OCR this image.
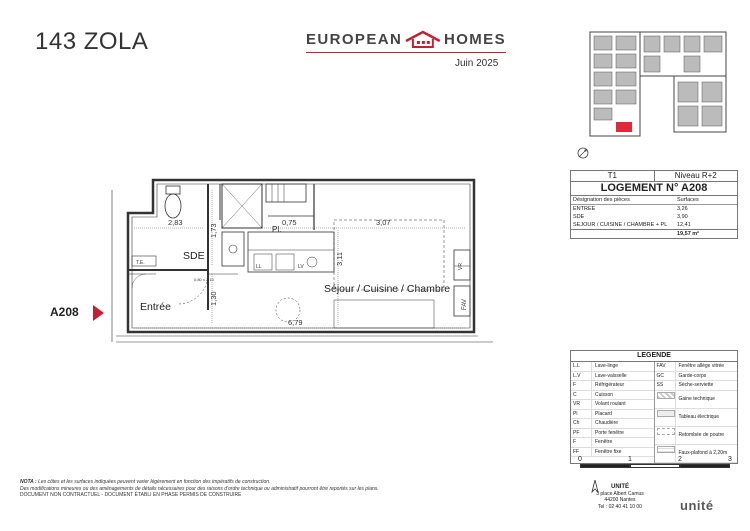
143 ZOLA	EUROPEAN	HOMES
Juin 2025
A208
SDE
Entrée
Séjour / Cuisine / Chambre
Pl.
2,83	0,75	3,07
6,79
1,73
1,30
3,11
0,80 x 2,10
T.E.
LL	LV	VR
FAV
T1	Niveau R+2
LOGEMENT N° A208
Désignation des pièces	Surfaces
ENTREE	3,26
SDE	3,90
SEJOUR / CUISINE / CHAMBRE + PL	12,41
	19,57 m²
LEGENDE
L.L	Lave-linge
L.V	Lave-vaisselle
F	Réfrigérateur
C	Cuisson
VR	Volant roulant
Pl	Placard
Ch	Chaudière
PF	Porte fenêtre
F	Fenêtre
FF	Fenêtre fixe
FAV	Fenêtre allège vitrée
GC	Garde-corps
SS	Sèche-serviette
Gaine technique
Tableau électrique
Retombée de poutre
Faux-plafond à 2,20m
0	1	2	3
NOTA : Les côtes et les surfaces indiquées peuvent varier légèrement en fonction des impératifs de construction.
Des modifications mineures ou des aménagements de détails nécessaires pour des raisons d'ordre technique ou administratif pourront être reportés sur les plans.
DOCUMENT NON CONTRACTUEL - DOCUMENT ÉTABLI EN PHASE PERMIS DE CONSTRUIRE
UNITÉ
3 place Albert Camus
44200 Nantes
Tel : 02 40 41 10 00	unité
